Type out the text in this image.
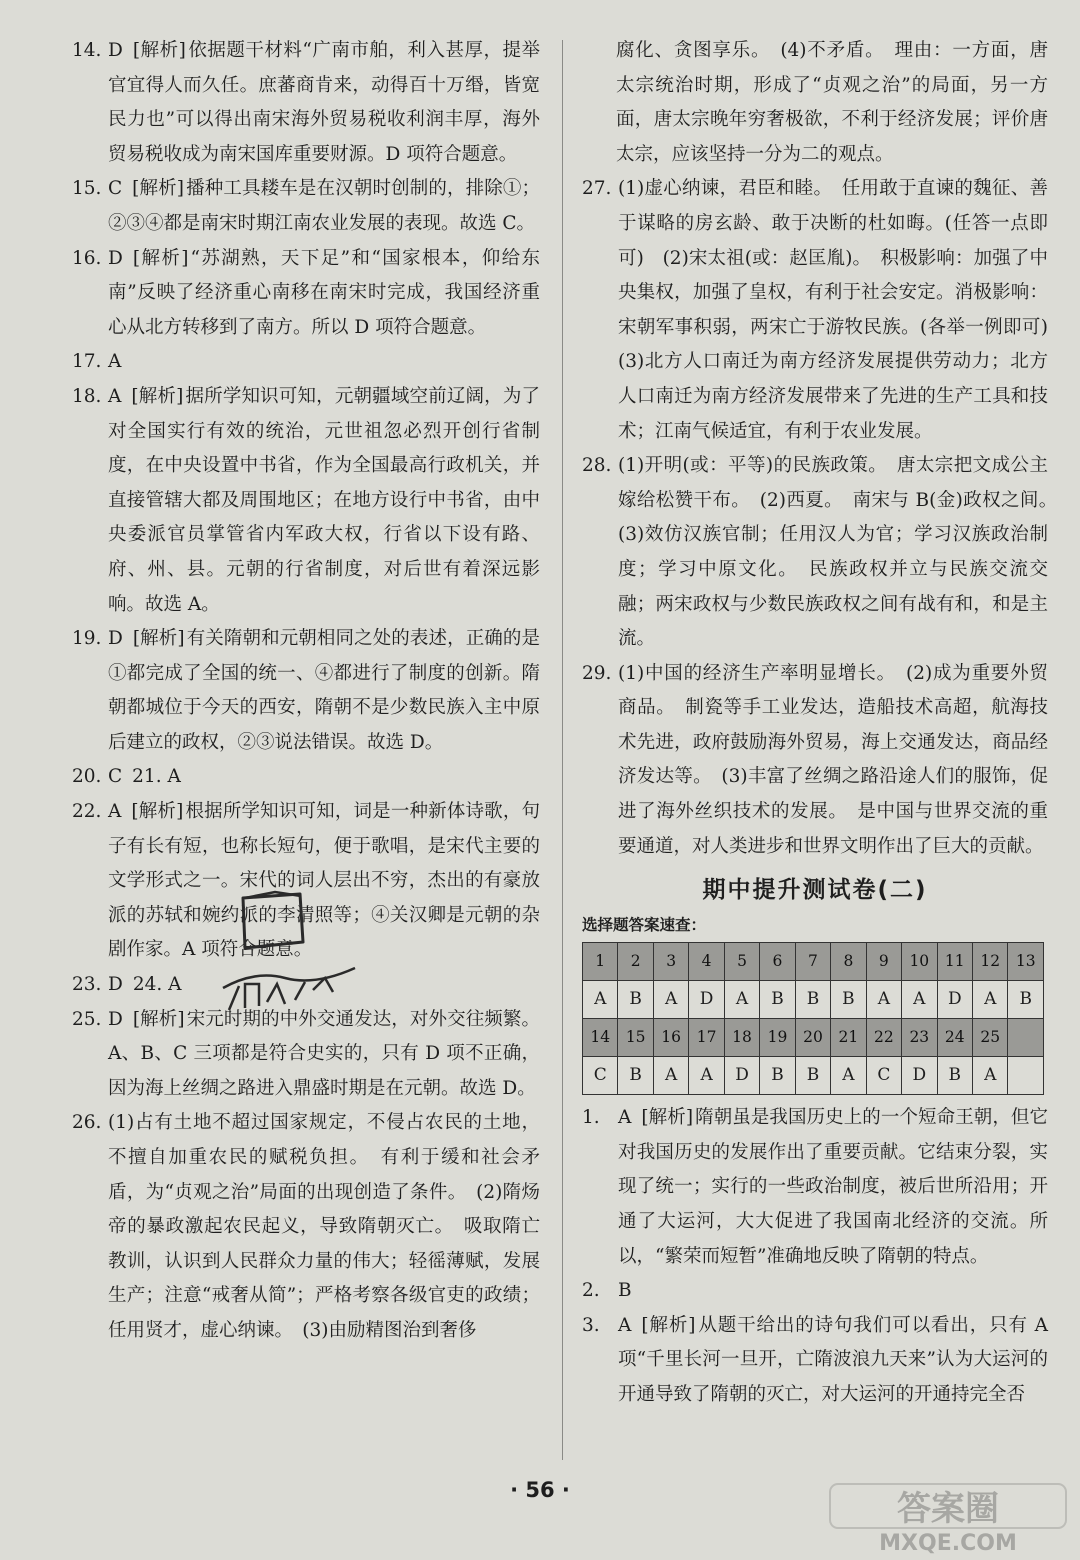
14. D [解析] 依据题干材料“广南市舶，利入甚厚，提举官宜得人而久任。庶蕃商肯来，动得百十万缗，皆宽民力也”可以得出南宋海外贸易税收利润丰厚，海外贸易税收成为南宋国库重要财源。D 项符合题意。
15. C [解析] 播种工具耧车是在汉朝时创制的，排除①；②③④都是南宋时期江南农业发展的表现。故选 C。
16. D [解析] “苏湖熟，天下足”和“国家根本，仰给东南”反映了经济重心南移在南宋时完成，我国经济重心从北方转移到了南方。所以 D 项符合题意。
17. A
18. A [解析] 据所学知识可知，元朝疆域空前辽阔，为了对全国实行有效的统治，元世祖忽必烈开创行省制度，在中央设置中书省，作为全国最高行政机关，并直接管辖大都及周围地区；在地方设行中书省，由中央委派官员掌管省内军政大权，行省以下设有路、府、州、县。元朝的行省制度，对后世有着深远影响。故选 A。
19. D [解析] 有关隋朝和元朝相同之处的表述，正确的是①都完成了全国的统一、④都进行了制度的创新。隋朝都城位于今天的西安，隋朝不是少数民族入主中原后建立的政权，②③说法错误。故选 D。
20. C 21. A
22. A [解析] 根据所学知识可知，词是一种新体诗歌，句子有长有短，也称长短句，便于歌唱，是宋代主要的文学形式之一。宋代的词人层出不穷，杰出的有豪放派的苏轼和婉约派的李清照等；④关汉卿是元朝的杂剧作家。A 项符合题意。
23. D 24. A
25. D [解析] 宋元时期的中外交通发达，对外交往频繁。A、B、C 三项都是符合史实的，只有 D 项不正确，因为海上丝绸之路进入鼎盛时期是在元朝。故选 D。
26. (1)占有土地不超过国家规定，不侵占农民的土地，不擅自加重农民的赋税负担。　有利于缓和社会矛盾，为“贞观之治”局面的出现创造了条件。　(2)隋炀帝的暴政激起农民起义，导致隋朝灭亡。　吸取隋亡教训，认识到人民群众力量的伟大；轻徭薄赋，发展生产；注意“戒奢从简”；严格考察各级官吏的政绩；任用贤才，虚心纳谏。　(3)由励精图治到奢侈
腐化、贪图享乐。　(4)不矛盾。　理由：一方面，唐太宗统治时期，形成了“贞观之治”的局面，另一方面，唐太宗晚年穷奢极欲，不利于经济发展；评价唐太宗，应该坚持一分为二的观点。
27. (1)虚心纳谏，君臣和睦。　任用敢于直谏的魏征、善于谋略的房玄龄、敢于决断的杜如晦。(任答一点即可)　(2)宋太祖(或：赵匡胤)。　积极影响：加强了中央集权，加强了皇权，有利于社会安定。消极影响：宋朝军事积弱，两宋亡于游牧民族。(各举一例即可)　(3)北方人口南迁为南方经济发展提供劳动力；北方人口南迁为南方经济发展带来了先进的生产工具和技术；江南气候适宜，有利于农业发展。
28. (1)开明(或：平等)的民族政策。　唐太宗把文成公主嫁给松赞干布。　(2)西夏。　南宋与 B(金)政权之间。　(3)效仿汉族官制；任用汉人为官；学习汉族政治制度；学习中原文化。　民族政权并立与民族交流交融；两宋政权与少数民族政权之间有战有和，和是主流。
29. (1)中国的经济生产率明显增长。　(2)成为重要外贸商品。　制瓷等手工业发达，造船技术高超，航海技术先进，政府鼓励海外贸易，海上交通发达，商品经济发达等。　(3)丰富了丝绸之路沿途人们的服饰，促进了海外丝织技术的发展。　是中国与世界交流的重要通道，对人类进步和世界文明作出了巨大的贡献。
期中提升测试卷(二)
选择题答案速查：
1	2	3	4	5	6	7	8	9	10	11	12	13
A	B	A	D	A	B	B	B	A	A	D	A	B
14	15	16	17	18	19	20	21	22	23	24	25	
C	B	A	A	D	B	B	A	C	D	B	A	
1. A [解析] 隋朝虽是我国历史上的一个短命王朝，但它对我国历史的发展作出了重要贡献。它结束分裂，实现了统一；实行的一些政治制度，被后世所沿用；开通了大运河，大大促进了我国南北经济的交流。所以，“繁荣而短暂”准确地反映了隋朝的特点。
2. B
3. A [解析] 从题干给出的诗句我们可以看出，只有 A 项“千里长河一旦开，亡隋波浪九天来”认为大运河的开通导致了隋朝的灭亡，对大运河的开通持完全否
· 56 ·	答案圈
MXQE.COM
